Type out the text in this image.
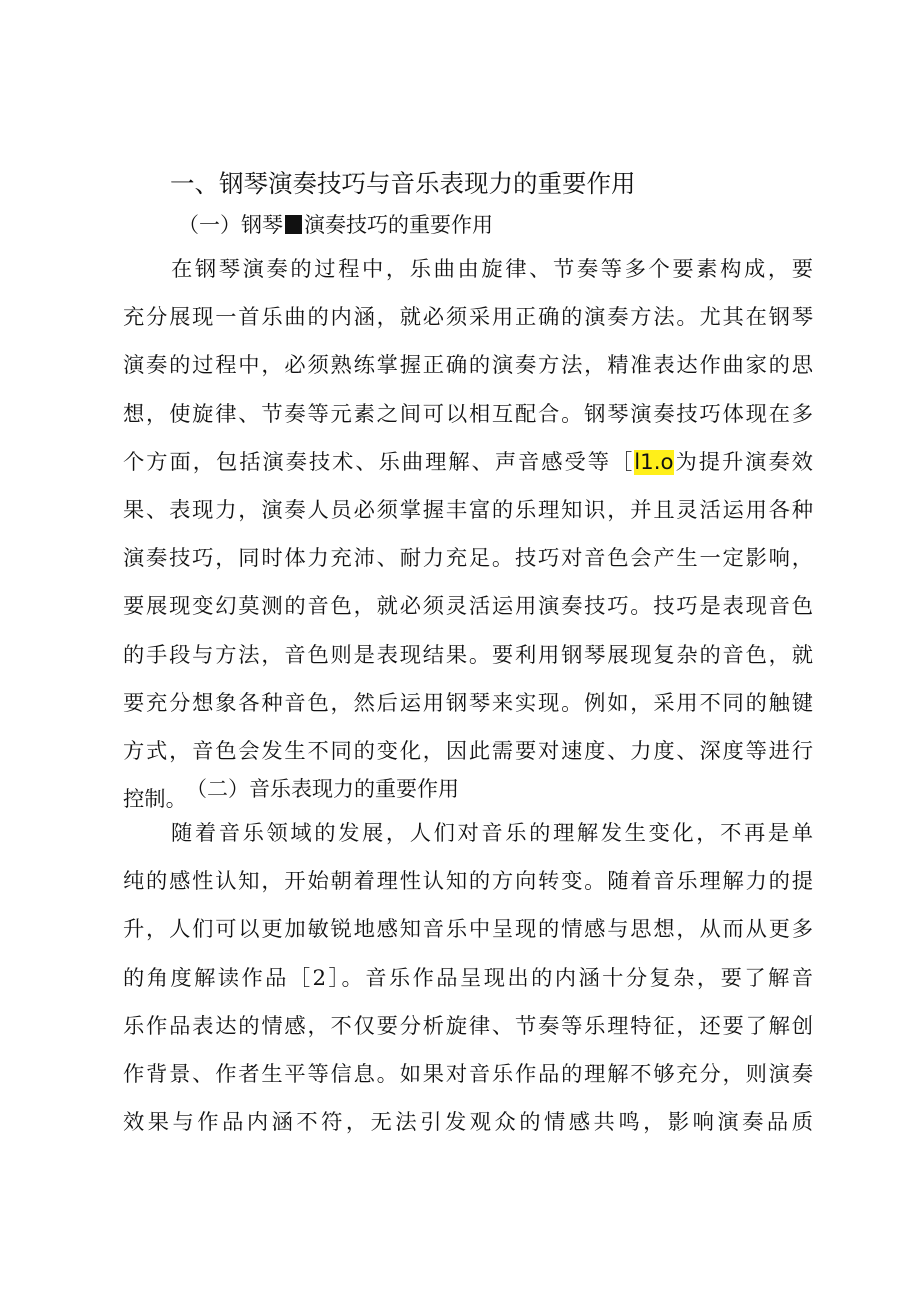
一、钢琴演奏技巧与音乐表现力的重要作用
（一）钢琴 演奏技巧的重要作用
在钢琴演奏的过程中，乐曲由旋律、节奏等多个要素构成，要
充分展现一首乐曲的内涵，就必须采用正确的演奏方法。尤其在钢琴
演奏的过程中，必须熟练掌握正确的演奏方法，精准表达作曲家的思
想，使旋律、节奏等元素之间可以相互配合。钢琴演奏技巧体现在多
个方面，包括演奏技术、乐曲理解、声音感受等［l1.o为提升演奏效
果、表现力，演奏人员必须掌握丰富的乐理知识，并且灵活运用各种
演奏技巧，同时体力充沛、耐力充足。技巧对音色会产生一定影响，
要展现变幻莫测的音色，就必须灵活运用演奏技巧。技巧是表现音色
的手段与方法，音色则是表现结果。要利用钢琴展现复杂的音色，就
要充分想象各种音色，然后运用钢琴来实现。例如，采用不同的触键
方式，音色会发生不同的变化，因此需要对速度、力度、深度等进行
控制。 （二）音乐表现力的重要作用
随着音乐领域的发展，人们对音乐的理解发生变化，不再是单
纯的感性认知，开始朝着理性认知的方向转变。随着音乐理解力的提
升，人们可以更加敏锐地感知音乐中呈现的情感与思想，从而从更多
的角度解读作品［2］。音乐作品呈现出的内涵十分复杂，要了解音
乐作品表达的情感，不仅要分析旋律、节奏等乐理特征，还要了解创
作背景、作者生平等信息。如果对音乐作品的理解不够充分，则演奏
效果与作品内涵不符，无法引发观众的情感共鸣，影响演奏品质
